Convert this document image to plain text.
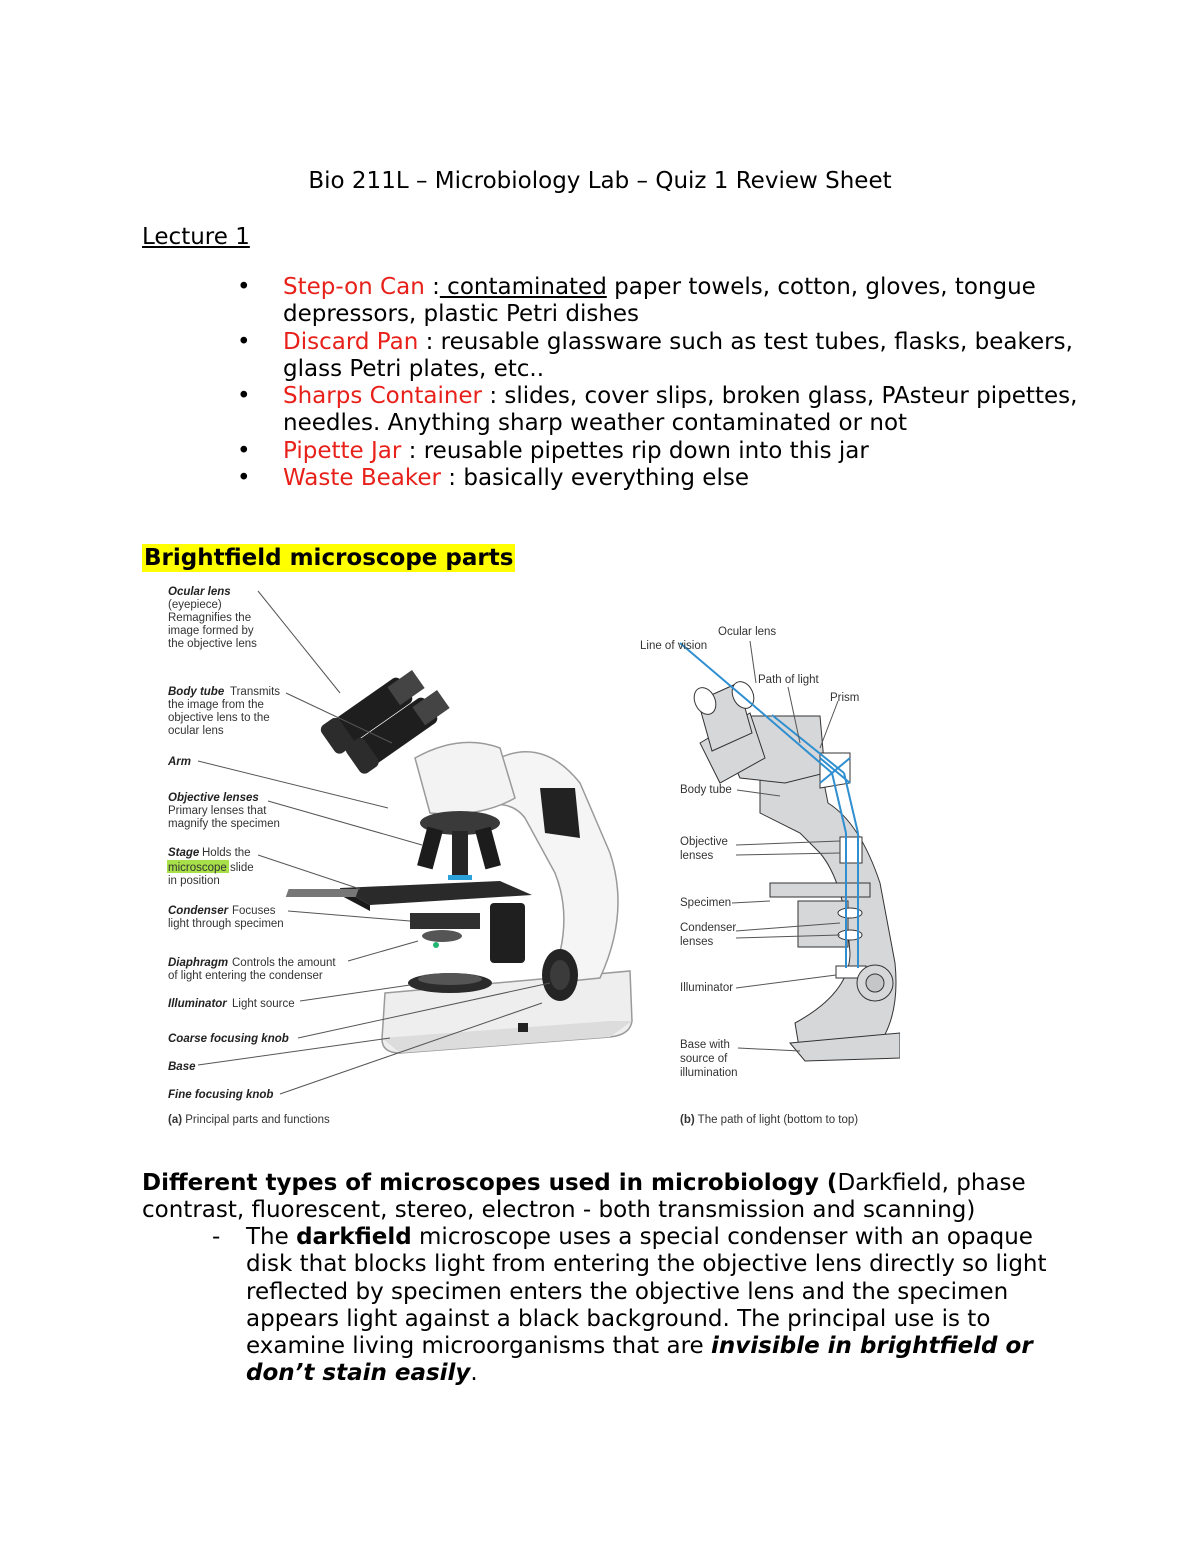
Bio 211L – Microbiology Lab – Quiz 1 Review Sheet
Lecture 1
• Step-on Can : contaminated paper towels, cotton, gloves, tongue depressors, plastic Petri dishes
• Discard Pan : reusable glassware such as test tubes, flasks, beakers, glass Petri plates, etc..
• Sharps Container : slides, cover slips, broken glass, PAsteur pipettes, needles. Anything sharp weather contaminated or not
• Pipette Jar : reusable pipettes rip down into this jar
• Waste Beaker : basically everything else
Brightfield microscope parts
Ocular lens
(eyepiece)
Remagnifies the
image formed by
the objective lens
Body tube Transmits
the image from the
objective lens to the
ocular lens
Arm
Objective lenses
Primary lenses that
magnify the specimen
Stage Holds the
microscope slide
in position
Condenser Focuses
light through specimen
Diaphragm Controls the amount
of light entering the condenser
Illuminator Light source
Coarse focusing knob
Base
Fine focusing knob
(a) Principal parts and functions
Line of vision
Ocular lens
Path of light
Prism
Body tube
Objective
lenses
Specimen
Condenser
lenses
Illuminator
Base with
source of
illumination
(b) The path of light (bottom to top)
Different types of microscopes used in microbiology (Darkfield, phase contrast, fluorescent, stereo, electron - both transmission and scanning)
- The darkfield microscope uses a special condenser with an opaque disk that blocks light from entering the objective lens directly so light reflected by specimen enters the objective lens and the specimen appears light against a black background. The principal use is to examine living microorganisms that are invisible in brightfield or don’t stain easily.
